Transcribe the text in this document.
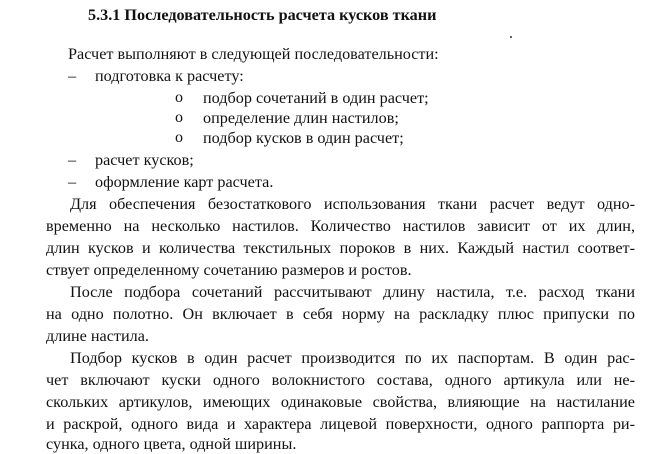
5.3.1 Последовательность расчета кусков ткани
Расчет выполняют в следующей последовательности:
– подготовка к расчету:
o подбор сочетаний в один расчет;
o определение длин настилов;
o подбор кусков в один расчет;
– расчет кусков;
– оформление карт расчета.
Для обеспечения безостаткового использования ткани расчет ведут одно-
временно на несколько настилов. Количество настилов зависит от их длин,
длин кусков и количества текстильных пороков в них. Каждый настил соответ-
ствует определенному сочетанию размеров и ростов.
После подбора сочетаний рассчитывают длину настила, т.е. расход ткани
на одно полотно. Он включает в себя норму на раскладку плюс припуски по
длине настила.
Подбор кусков в один расчет производится по их паспортам. В один рас-
чет включают куски одного волокнистого состава, одного артикула или не-
скольких артикулов, имеющих одинаковые свойства, влияющие на настилание
и раскрой, одного вида и характера лицевой поверхности, одного раппорта ри-
сунка, одного цвета, одной ширины.
